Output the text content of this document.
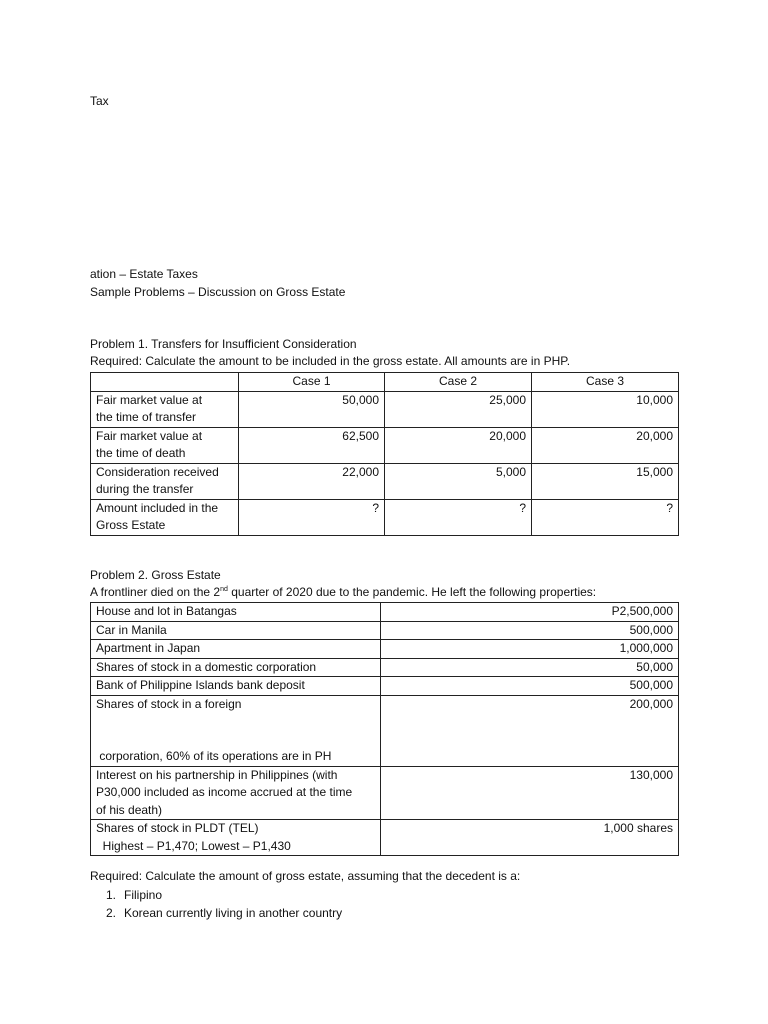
Tax
ation – Estate Taxes
Sample Problems – Discussion on Gross Estate
Problem 1. Transfers for Insufficient Consideration
Required: Calculate the amount to be included in the gross estate. All amounts are in PHP.
	Case 1	Case 2	Case 3

Fair market value at
the time of transfer	50,000	25,000	10,000

Fair market value at
the time of death	62,500	20,000	20,000

Consideration received
during the transfer	22,000	5,000	15,000

Amount included in the
Gross Estate	?	?	?
Problem 2. Gross Estate
A frontliner died on the 2nd quarter of 2020 due to the pandemic. He left the following properties:
House and lot in Batangas	P2,500,000
Car in Manila	500,000
Apartment in Japan	1,000,000
Shares of stock in a domestic corporation	50,000
Bank of Philippine Islands bank deposit	500,000

Shares of stock in a foreign
corporation, 60% of its operations are in PH	200,000

Interest on his partnership in Philippines (with
P30,000 included as income accrued at the time
of his death)	130,000

Shares of stock in PLDT (TEL)
Highest – P1,470; Lowest – P1,430	1,000 shares
Required: Calculate the amount of gross estate, assuming that the decedent is a:
1. Filipino
2. Korean currently living in another country
